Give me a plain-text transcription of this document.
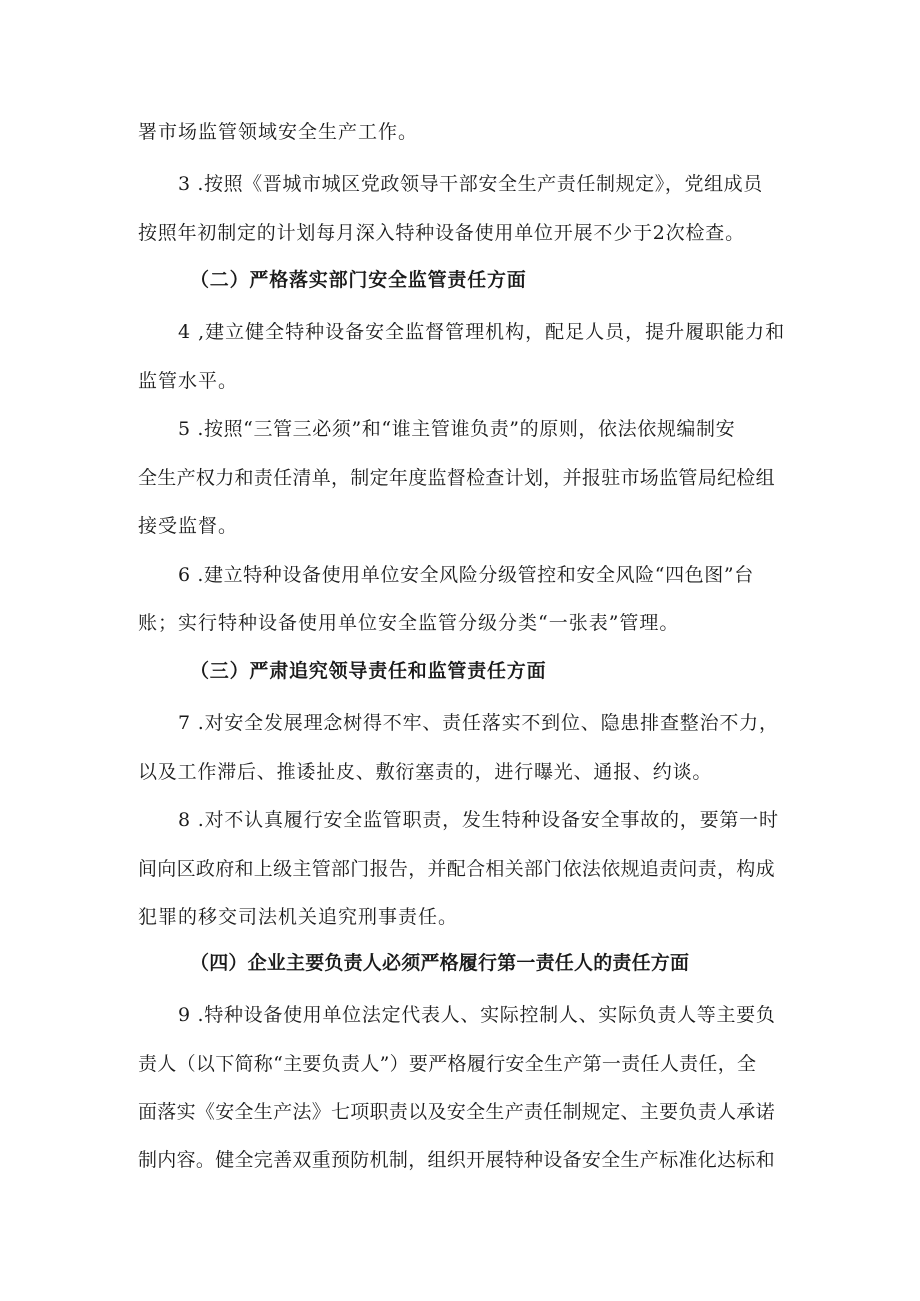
署市场监管领域安全生产工作。
3 .按照《晋城市城区党政领导干部安全生产责任制规定》，党组成员
按照年初制定的计划每月深入特种设备使用单位开展不少于2次检查。
（二）严格落实部门安全监管责任方面
4 ,建立健全特种设备安全监督管理机构，配足人员，提升履职能力和
监管水平。
5 .按照“三管三必须”和“谁主管谁负责”的原则，依法依规编制安
全生产权力和责任清单，制定年度监督检查计划，并报驻市场监管局纪检组
接受监督。
6 .建立特种设备使用单位安全风险分级管控和安全风险“四色图”台
账；实行特种设备使用单位安全监管分级分类“一张表”管理。
（三）严肃追究领导责任和监管责任方面
7 .对安全发展理念树得不牢、责任落实不到位、隐患排查整治不力，
以及工作滞后、推诿扯皮、敷衍塞责的，进行曝光、通报、约谈。
8 .对不认真履行安全监管职责，发生特种设备安全事故的，要第一时
间向区政府和上级主管部门报告，并配合相关部门依法依规追责问责，构成
犯罪的移交司法机关追究刑事责任。
（四）企业主要负责人必须严格履行第一责任人的责任方面
9 .特种设备使用单位法定代表人、实际控制人、实际负责人等主要负
责人（以下简称“主要负责人”）要严格履行安全生产第一责任人责任，全
面落实《安全生产法》七项职责以及安全生产责任制规定、主要负责人承诺
制内容。健全完善双重预防机制，组织开展特种设备安全生产标准化达标和
